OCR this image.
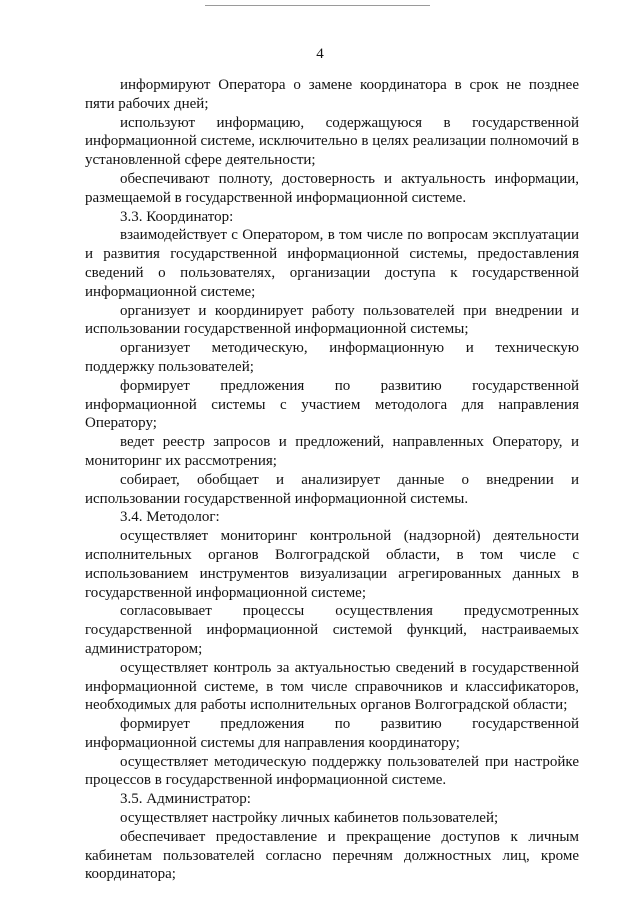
4

информируют Оператора о замене координатора в срок не позднее пяти рабочих дней;

используют информацию, содержащуюся в государственной информационной системе, исключительно в целях реализации полномочий в установленной сфере деятельности;

обеспечивают полноту, достоверность и актуальность информации, размещаемой в государственной информационной системе.

3.3. Координатор:

взаимодействует с Оператором, в том числе по вопросам эксплуатации и развития государственной информационной системы, предоставления сведений о пользователях, организации доступа к государственной информационной системе;

организует и координирует работу пользователей при внедрении и использовании государственной информационной системы;

организует методическую, информационную и техническую поддержку пользователей;

формирует предложения по развитию государственной информационной системы с участием методолога для направления Оператору;

ведет реестр запросов и предложений, направленных Оператору, и мониторинг их рассмотрения;

собирает, обобщает и анализирует данные о внедрении и использовании государственной информационной системы.

3.4. Методолог:

осуществляет мониторинг контрольной (надзорной) деятельности исполнительных органов Волгоградской области, в том числе с использованием инструментов визуализации агрегированных данных в государственной информационной системе;

согласовывает процессы осуществления предусмотренных государственной информационной системой функций, настраиваемых администратором;

осуществляет контроль за актуальностью сведений в государственной информационной системе, в том числе справочников и классификаторов, необходимых для работы исполнительных органов Волгоградской области;

формирует предложения по развитию государственной информационной системы для направления координатору;

осуществляет методическую поддержку пользователей при настройке процессов в государственной информационной системе.

3.5. Администратор:

осуществляет настройку личных кабинетов пользователей;

обеспечивает предоставление и прекращение доступов к личным кабинетам пользователей согласно перечням должностных лиц, кроме координатора;
